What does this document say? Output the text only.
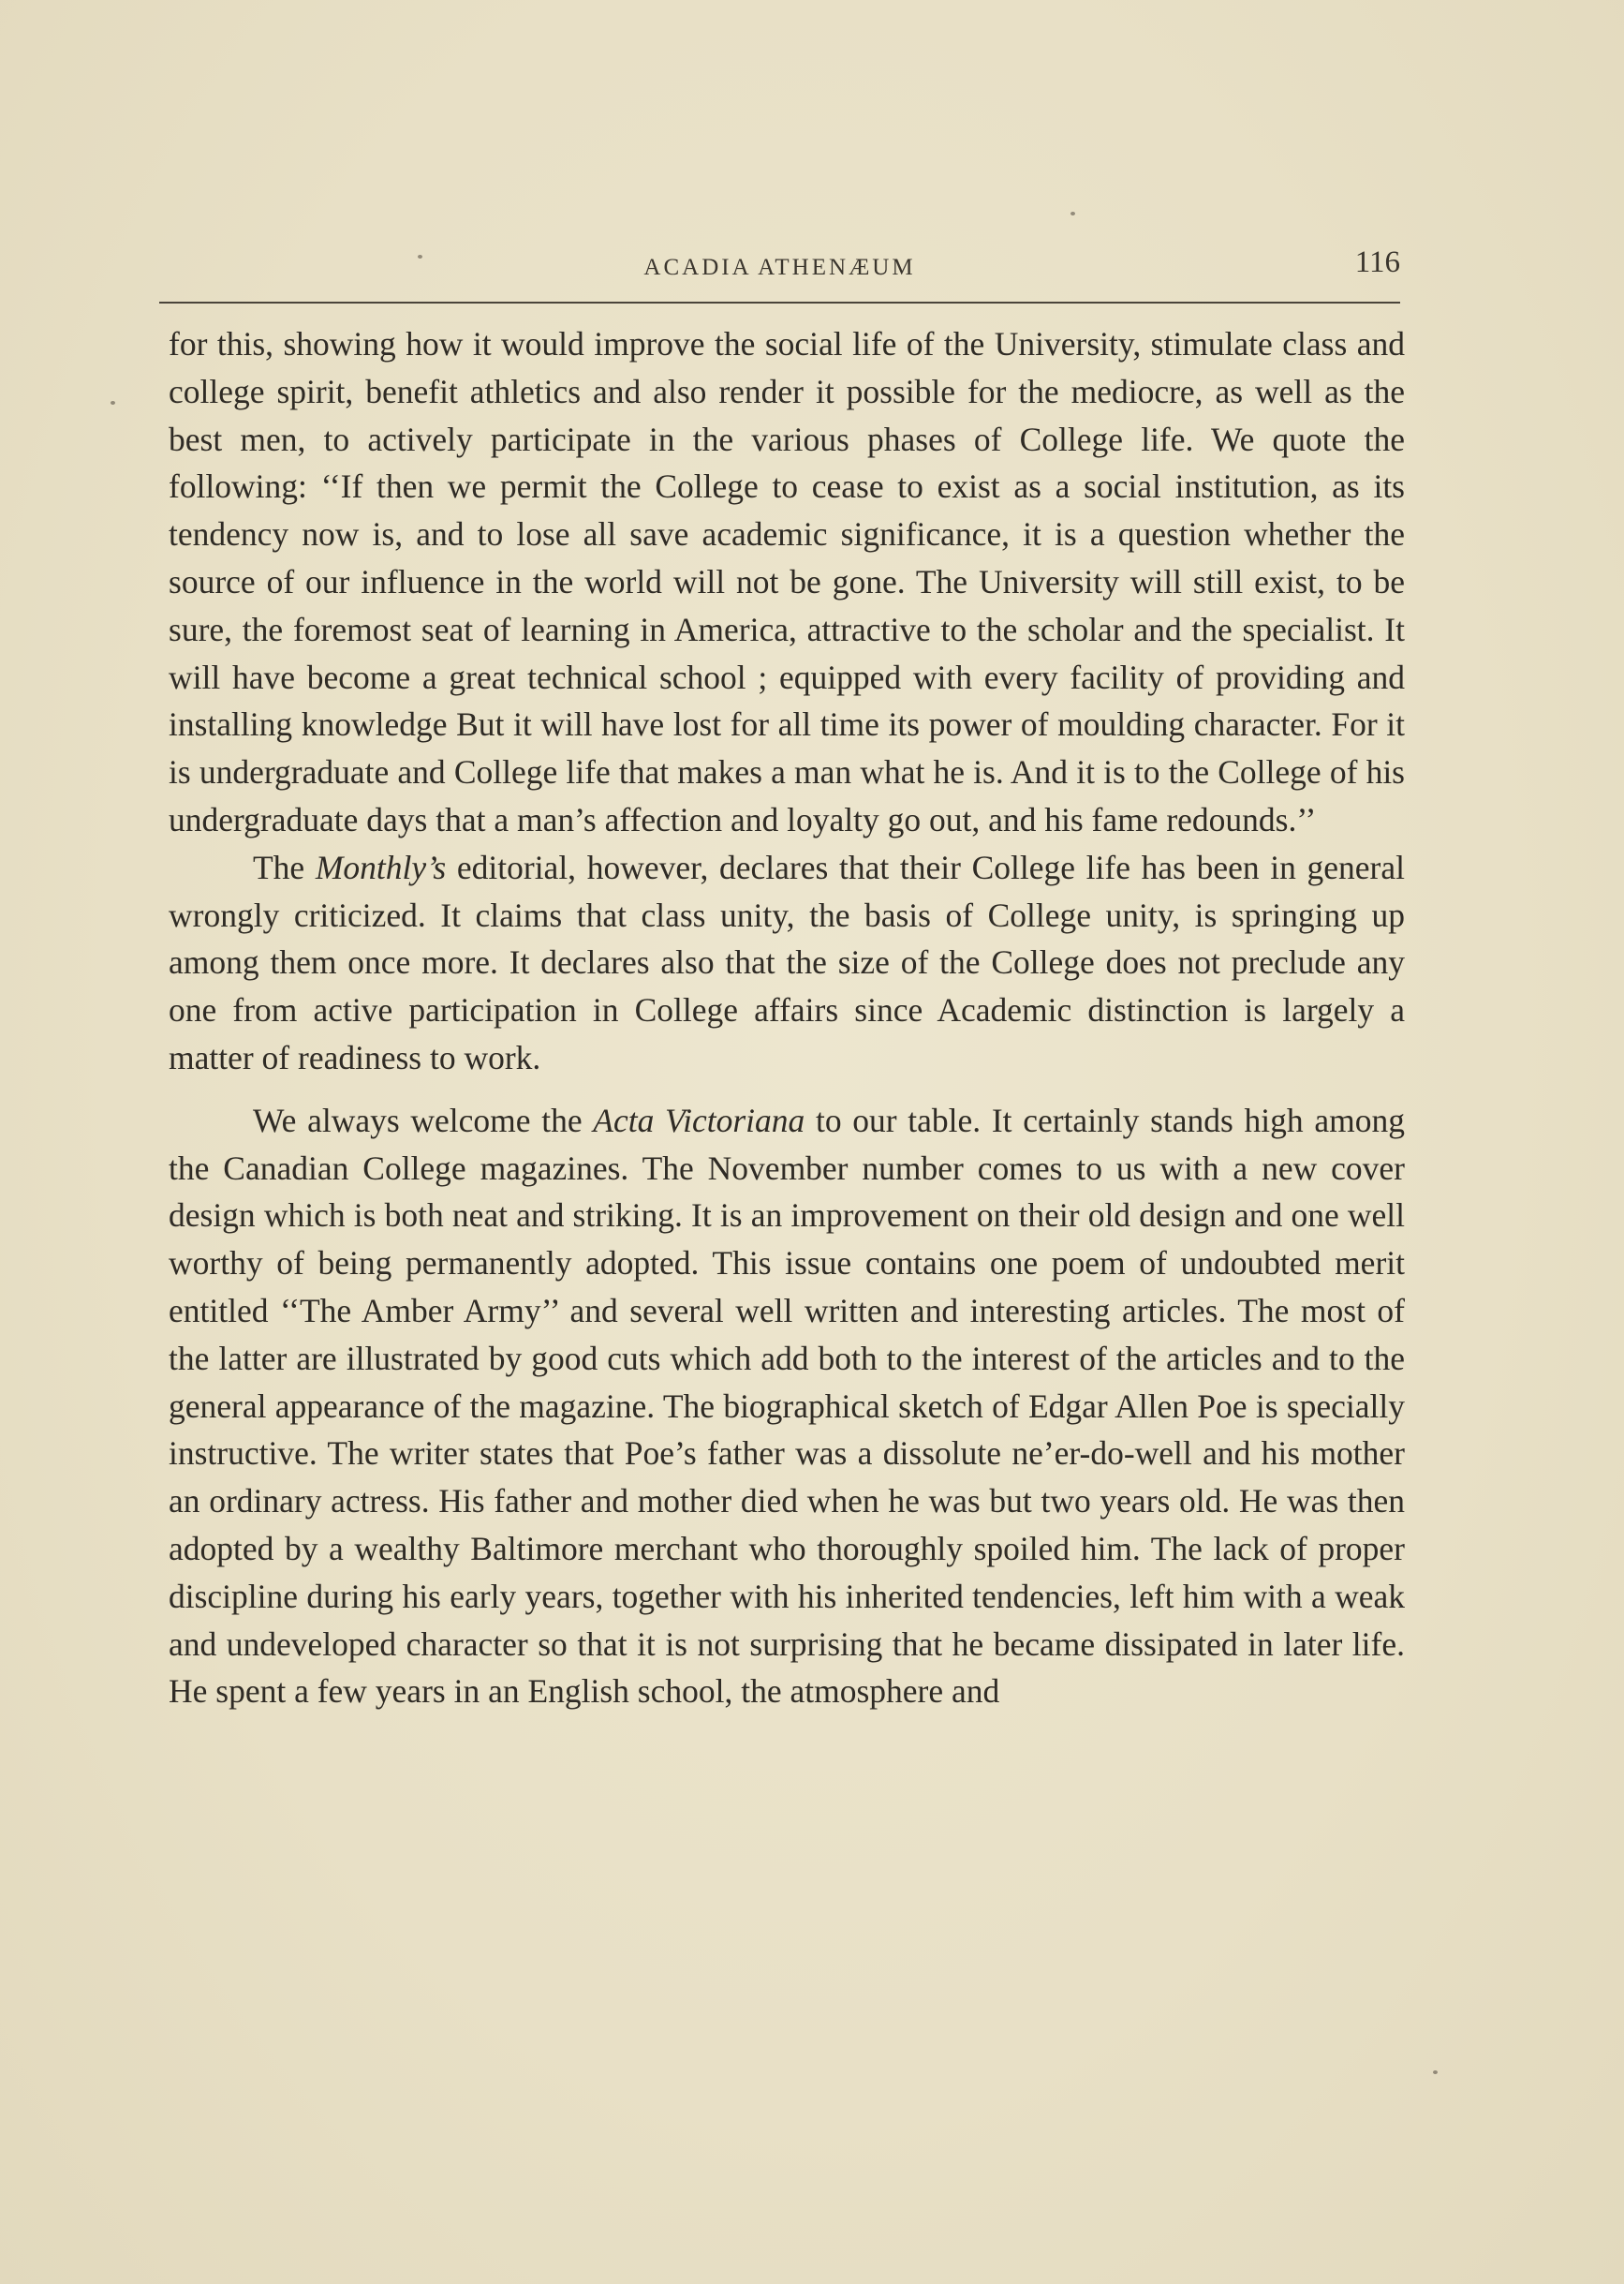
ACADIA ATHENÆUM	116

for this, showing how it would improve the social life of the University, stimulate class and college spirit, benefit athletics and also render it possible for the mediocre, as well as the best men, to actively participate in the various phases of College life. We quote the following: ‘‘If then we permit the College to cease to exist as a social institution, as its tendency now is, and to lose all save academic significance, it is a question whether the source of our influence in the world will not be gone. The University will still exist, to be sure, the foremost seat of learning in America, attractive to the scholar and the specialist. It will have become a great technical school ; equipped with every facility of providing and installing knowledge But it will have lost for all time its power of moulding character. For it is undergraduate and College life that makes a man what he is. And it is to the College of his undergraduate days that a man’s affection and loyalty go out, and his fame redounds.’’

The Monthly’s editorial, however, declares that their College life has been in general wrongly criticized. It claims that class unity, the basis of College unity, is springing up among them once more. It declares also that the size of the College does not preclude any one from active participation in College affairs since Academic distinction is largely a matter of readiness to work.

We always welcome the Acta Victoriana to our table. It certainly stands high among the Canadian College magazines. The November number comes to us with a new cover design which is both neat and striking. It is an improvement on their old design and one well worthy of being permanently adopted. This issue contains one poem of undoubted merit entitled ‘‘The Amber Army’’ and several well written and interesting articles. The most of the latter are illustrated by good cuts which add both to the interest of the articles and to the general appearance of the magazine. The biographical sketch of Edgar Allen Poe is specially instructive. The writer states that Poe’s father was a dissolute ne’er-do-well and his mother an ordinary actress. His father and mother died when he was but two years old. He was then adopted by a wealthy Baltimore merchant who thoroughly spoiled him. The lack of proper discipline during his early years, together with his inherited tendencies, left him with a weak and undeveloped character so that it is not surprising that he became dissipated in later life. He spent a few years in an English school, the atmosphere and
